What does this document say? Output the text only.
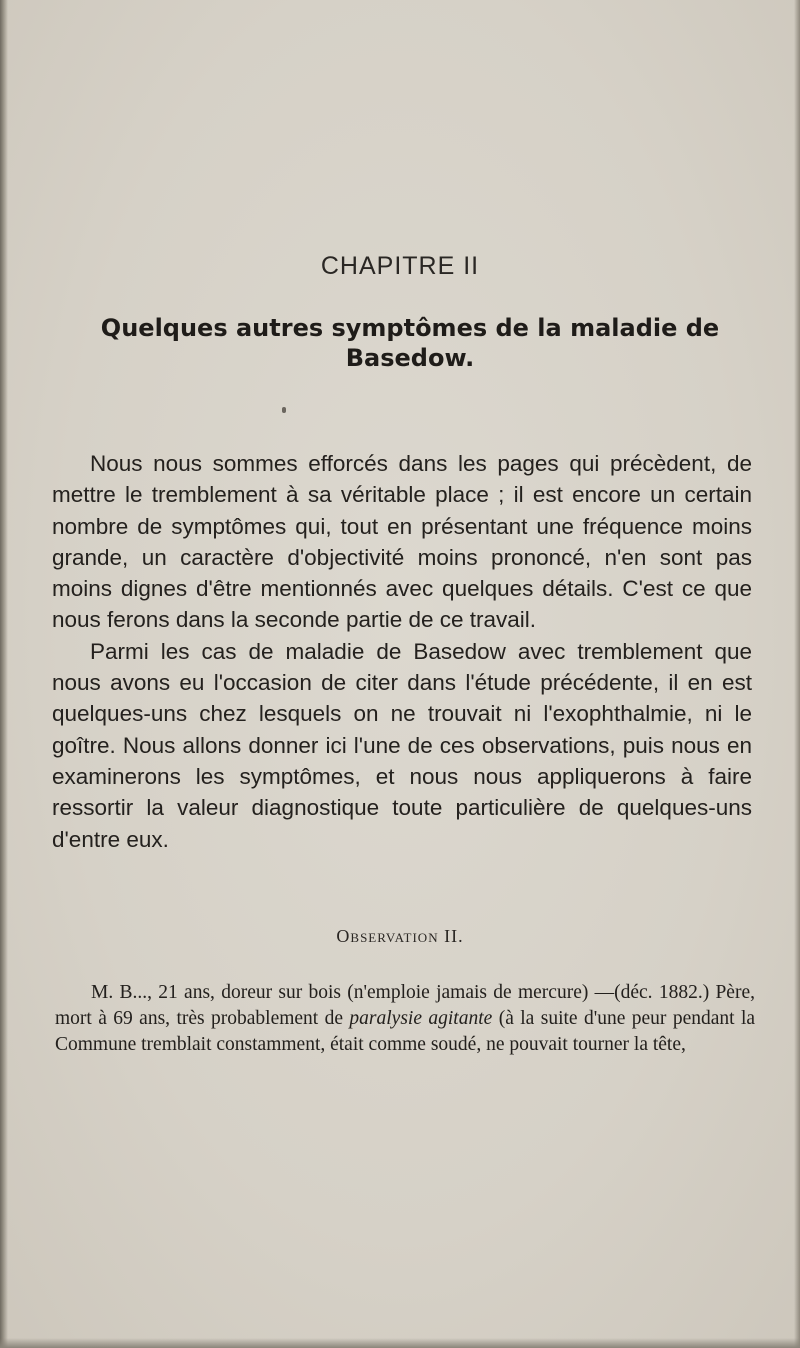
CHAPITRE II
Quelques autres symptômes de la maladie de Basedow.

Nous nous sommes efforcés dans les pages qui précèdent, de mettre le tremblement à sa véritable place ; il est encore un certain nombre de symptômes qui, tout en présentant une fréquence moins grande, un caractère d'objectivité moins prononcé, n'en sont pas moins dignes d'être mentionnés avec quelques détails. C'est ce que nous ferons dans la seconde partie de ce travail.

Parmi les cas de maladie de Basedow avec tremblement que nous avons eu l'occasion de citer dans l'étude précédente, il en est quelques-uns chez lesquels on ne trouvait ni l'exophthalmie, ni le goître. Nous allons donner ici l'une de ces observations, puis nous en examinerons les symptômes, et nous nous appliquerons à faire ressortir la valeur diagnostique toute particulière de quelques-uns d'entre eux.

Observation II.

M. B..., 21 ans, doreur sur bois (n'emploie jamais de mercure) —(déc. 1882.) Père, mort à 69 ans, très probablement de paralysie agitante (à la suite d'une peur pendant la Commune tremblait constamment, était comme soudé, ne pouvait tourner la tête,
